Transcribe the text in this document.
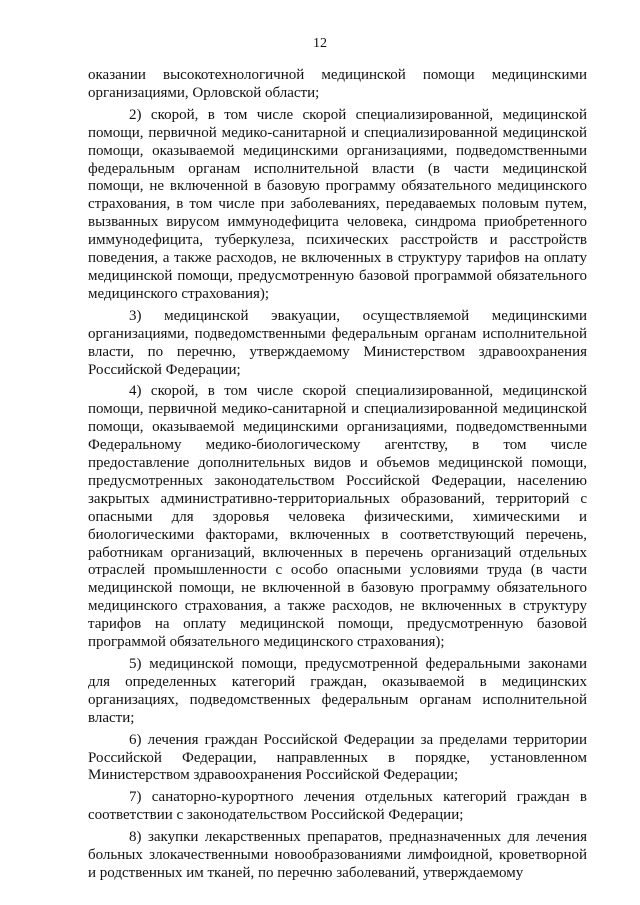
12

оказании высокотехнологичной медицинской помощи медицинскими организациями, Орловской области;

2) скорой, в том числе скорой специализированной, медицинской помощи, первичной медико-санитарной и специализированной медицинской помощи, оказываемой медицинскими организациями, подведомственными федеральным органам исполнительной власти (в части медицинской помощи, не включенной в базовую программу обязательного медицинского страхования, в том числе при заболеваниях, передаваемых половым путем, вызванных вирусом иммунодефицита человека, синдрома приобретенного иммунодефицита, туберкулеза, психических расстройств и расстройств поведения, а также расходов, не включенных в структуру тарифов на оплату медицинской помощи, предусмотренную базовой программой обязательного медицинского страхования);

3) медицинской эвакуации, осуществляемой медицинскими организациями, подведомственными федеральным органам исполнительной власти, по перечню, утверждаемому Министерством здравоохранения Российской Федерации;

4) скорой, в том числе скорой специализированной, медицинской помощи, первичной медико-санитарной и специализированной медицинской помощи, оказываемой медицинскими организациями, подведомственными Федеральному медико-биологическому агентству, в том числе предоставление дополнительных видов и объемов медицинской помощи, предусмотренных законодательством Российской Федерации, населению закрытых административно-территориальных образований, территорий с опасными для здоровья человека физическими, химическими и биологическими факторами, включенных в соответствующий перечень, работникам организаций, включенных в перечень организаций отдельных отраслей промышленности с особо опасными условиями труда (в части медицинской помощи, не включенной в базовую программу обязательного медицинского страхования, а также расходов, не включенных в структуру тарифов на оплату медицинской помощи, предусмотренную базовой программой обязательного медицинского страхования);

5) медицинской помощи, предусмотренной федеральными законами для определенных категорий граждан, оказываемой в медицинских организациях, подведомственных федеральным органам исполнительной власти;

6) лечения граждан Российской Федерации за пределами территории Российской Федерации, направленных в порядке, установленном Министерством здравоохранения Российской Федерации;

7) санаторно-курортного лечения отдельных категорий граждан в соответствии с законодательством Российской Федерации;

8) закупки лекарственных препаратов, предназначенных для лечения больных злокачественными новообразованиями лимфоидной, кроветворной и родственных им тканей, по перечню заболеваний, утверждаемому
